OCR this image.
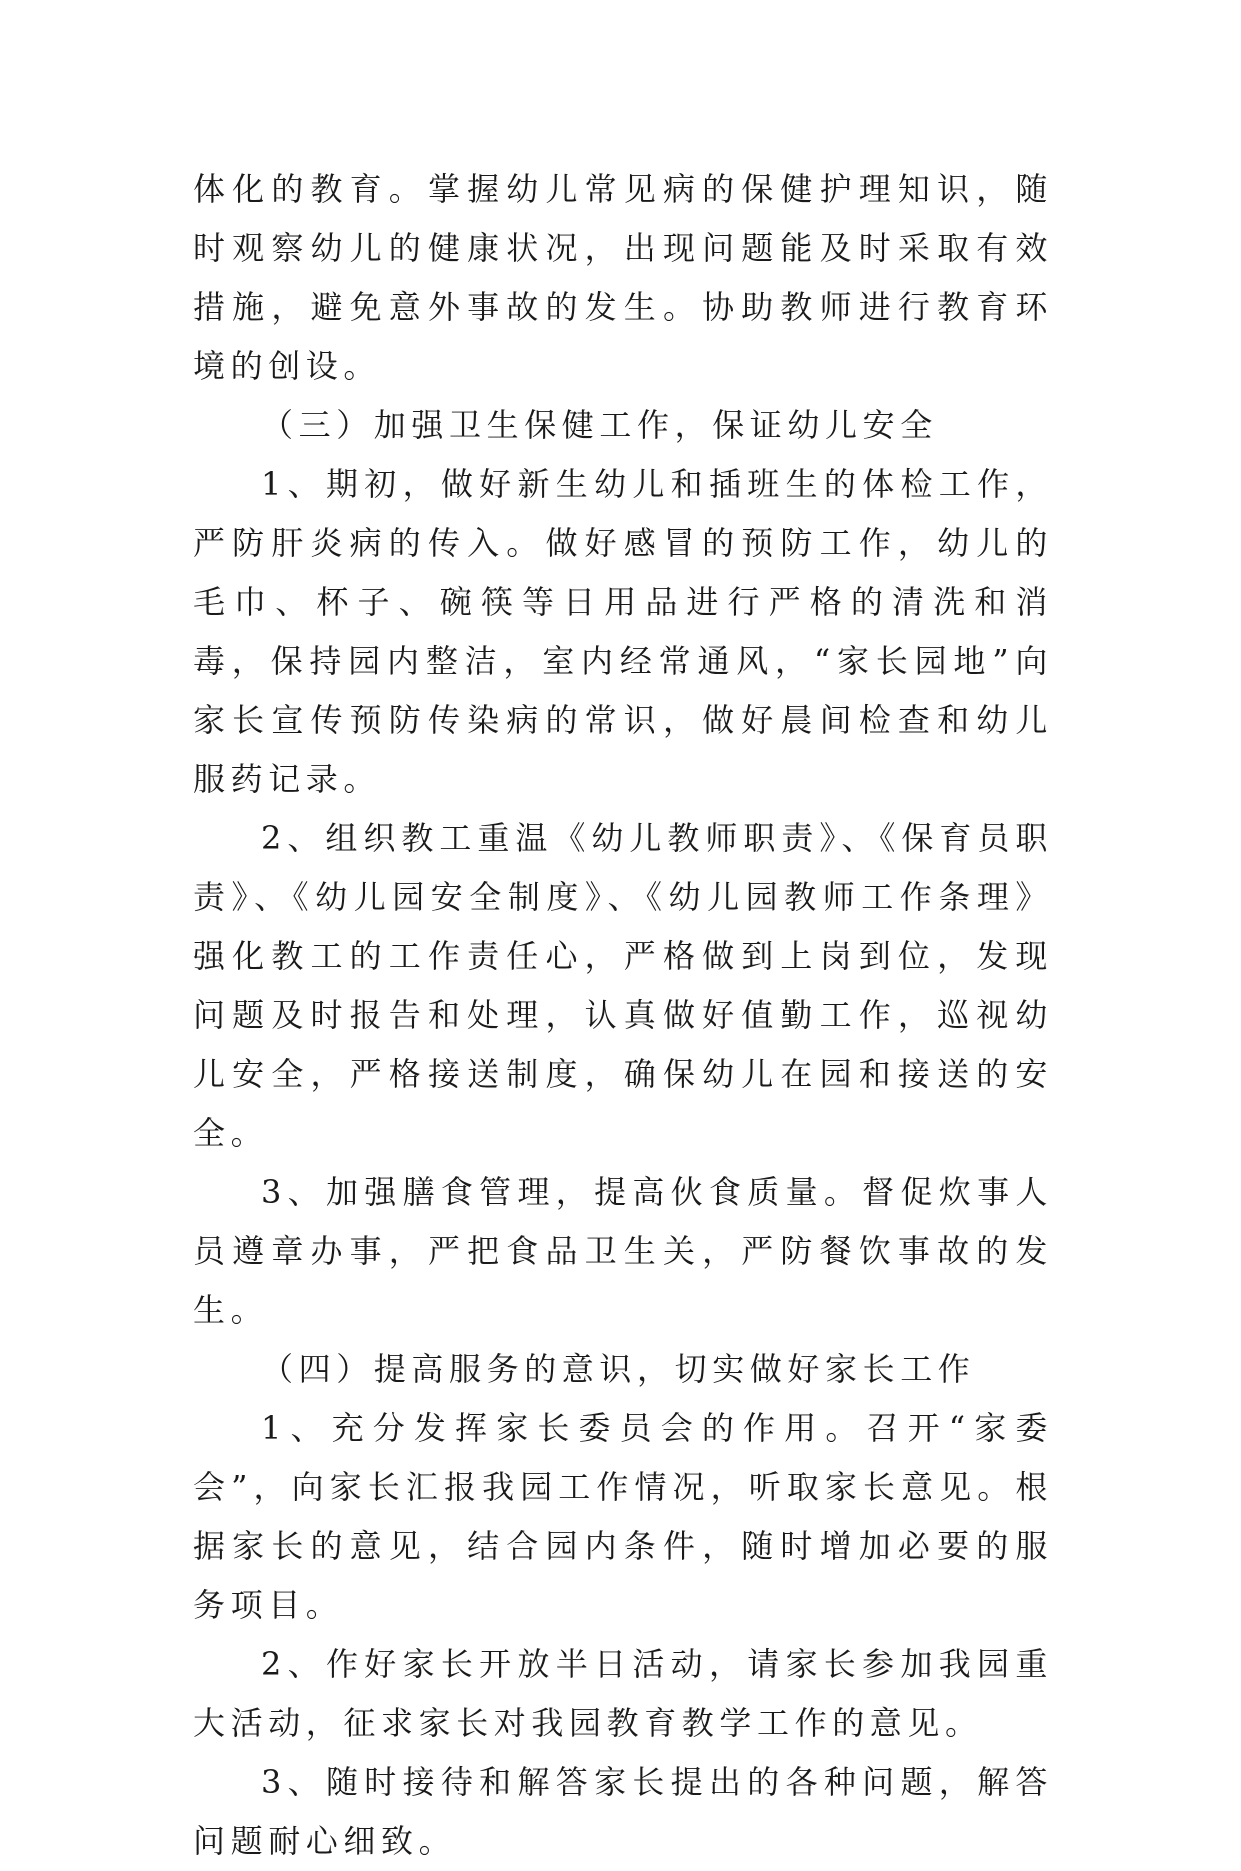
体化的教育。掌握幼儿常见病的保健护理知识，随时观察幼儿的健康状况，出现问题能及时采取有效措施，避免意外事故的发生。协助教师进行教育环境的创设。

（三）加强卫生保健工作，保证幼儿安全

1、期初，做好新生幼儿和插班生的体检工作，严防肝炎病的传入。做好感冒的预防工作，幼儿的毛巾、杯子、碗筷等日用品进行严格的清洗和消毒，保持园内整洁，室内经常通风，“家长园地”向家长宣传预防传染病的常识，做好晨间检查和幼儿服药记录。

2、组织教工重温《幼儿教师职责》、《保育员职责》、《幼儿园安全制度》、《幼儿园教师工作条理》强化教工的工作责任心，严格做到上岗到位，发现问题及时报告和处理，认真做好值勤工作，巡视幼儿安全，严格接送制度，确保幼儿在园和接送的安全。

3、加强膳食管理，提高伙食质量。督促炊事人员遵章办事，严把食品卫生关，严防餐饮事故的发生。

（四）提高服务的意识，切实做好家长工作

1、充分发挥家长委员会的作用。召开“家委会”，向家长汇报我园工作情况，听取家长意见。根据家长的意见，结合园内条件，随时增加必要的服务项目。

2、作好家长开放半日活动，请家长参加我园重大活动，征求家长对我园教育教学工作的意见。

3、随时接待和解答家长提出的各种问题，解答问题耐心细致。
